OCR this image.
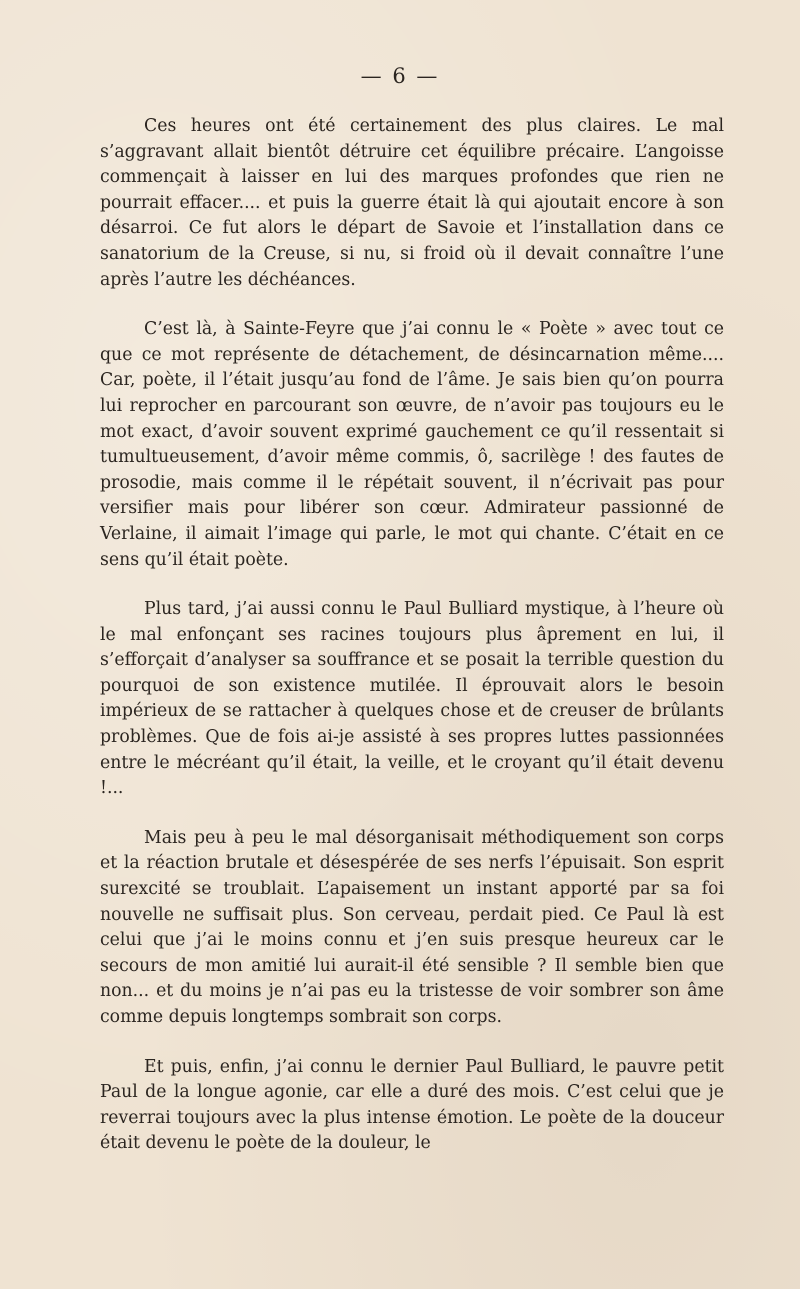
— 6 —

Ces heures ont été certainement des plus claires. Le mal s’aggravant allait bientôt détruire cet équilibre précaire. L’angoisse commençait à laisser en lui des marques profondes que rien ne pourrait effacer.... et puis la guerre était là qui ajoutait encore à son désarroi. Ce fut alors le départ de Savoie et l’installation dans ce sanatorium de la Creuse, si nu, si froid où il devait connaître l’une après l’autre les déchéances.

C’est là, à Sainte-Feyre que j’ai connu le « Poète » avec tout ce que ce mot représente de détachement, de désincarnation même.... Car, poète, il l’était jusqu’au fond de l’âme. Je sais bien qu’on pourra lui reprocher en parcourant son œuvre, de n’avoir pas toujours eu le mot exact, d’avoir souvent exprimé gauchement ce qu’il ressentait si tumultueusement, d’avoir même commis, ô, sacrilège ! des fautes de prosodie, mais comme il le répétait souvent, il n’écrivait pas pour versifier mais pour libérer son cœur. Admirateur passionné de Verlaine, il aimait l’image qui parle, le mot qui chante. C’était en ce sens qu’il était poète.

Plus tard, j’ai aussi connu le Paul Bulliard mystique, à l’heure où le mal enfonçant ses racines toujours plus âprement en lui, il s’efforçait d’analyser sa souffrance et se posait la terrible question du pourquoi de son existence mutilée. Il éprouvait alors le besoin impérieux de se rattacher à quelques chose et de creuser de brûlants problèmes. Que de fois ai-je assisté à ses propres luttes passionnées entre le mécréant qu’il était, la veille, et le croyant qu’il était devenu !...

Mais peu à peu le mal désorganisait méthodiquement son corps et la réaction brutale et désespérée de ses nerfs l’épuisait. Son esprit surexcité se troublait. L’apaisement un instant apporté par sa foi nouvelle ne suffisait plus. Son cerveau, perdait pied. Ce Paul là est celui que j’ai le moins connu et j’en suis presque heureux car le secours de mon amitié lui aurait-il été sensible ? Il semble bien que non... et du moins je n’ai pas eu la tristesse de voir sombrer son âme comme depuis longtemps sombrait son corps.

Et puis, enfin, j’ai connu le dernier Paul Bulliard, le pauvre petit Paul de la longue agonie, car elle a duré des mois. C’est celui que je reverrai toujours avec la plus intense émotion. Le poète de la douceur était devenu le poète de la douleur, le
